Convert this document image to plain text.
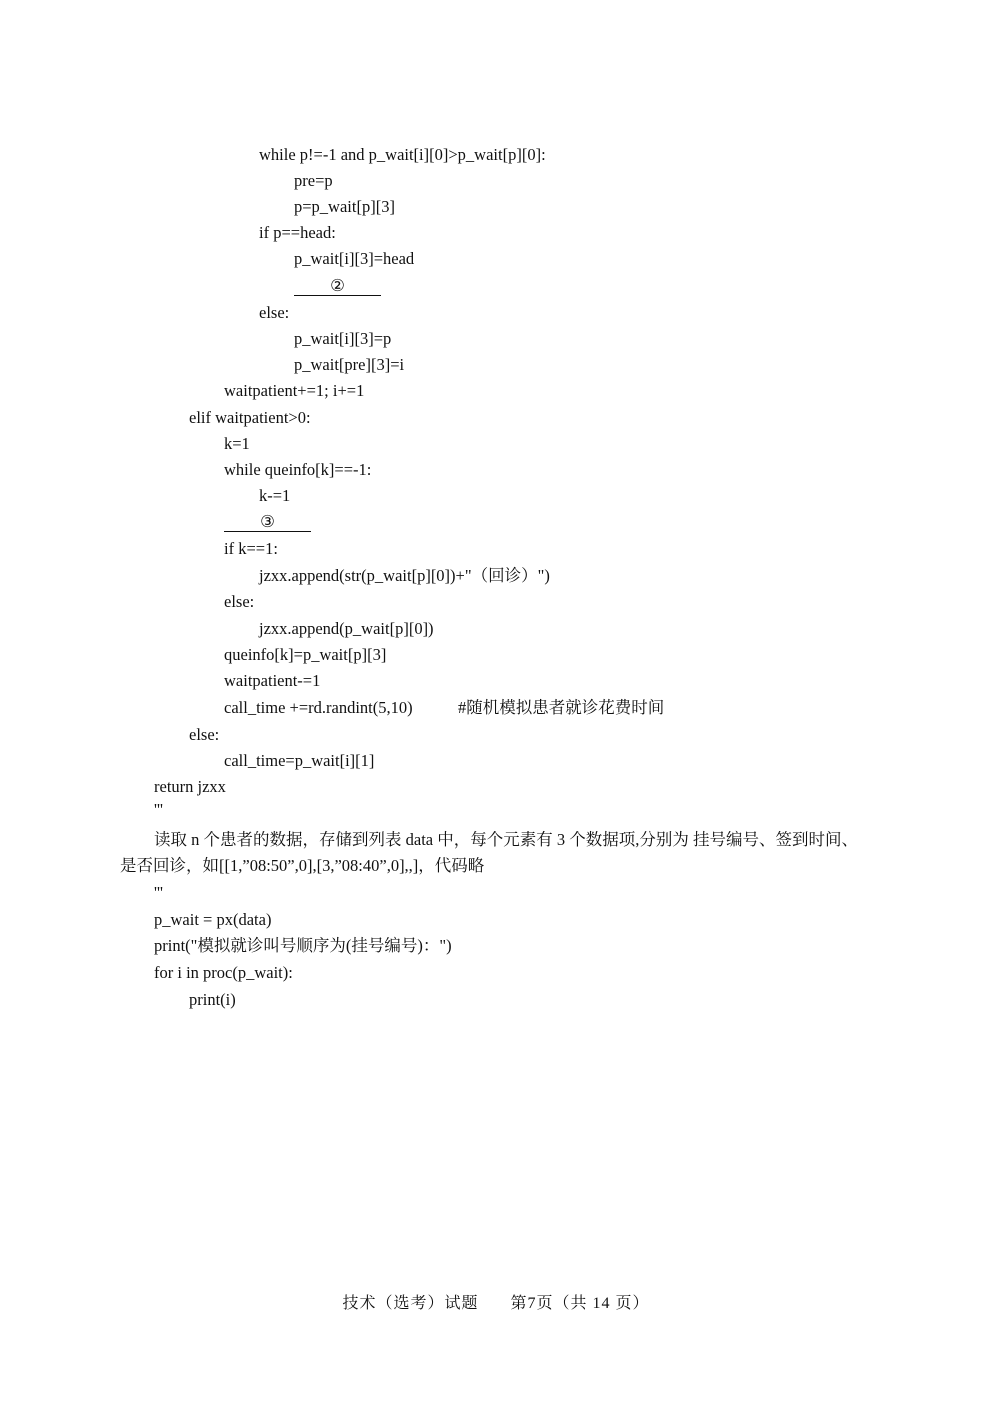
while p!=-1 and p_wait[i][0]>p_wait[p][0]:
pre=p
p=p_wait[p][3]
if p==head:
p_wait[i][3]=head
②
else:
p_wait[i][3]=p
p_wait[pre][3]=i
waitpatient+=1; i+=1
elif waitpatient>0:
k=1
while queinfo[k]==-1:
k-=1
③
if k==1:
jzxx.append(str(p_wait[p][0])+"（回诊）")
else:
jzxx.append(p_wait[p][0])
queinfo[k]=p_wait[p][3]
waitpatient-=1
call_time +=rd.randint(5,10)	#随机模拟患者就诊花费时间
else:
call_time=p_wait[i][1]
return jzxx
'''
读取 n 个患者的数据，存储到列表 data 中，每个元素有 3 个数据项,分别为 挂号编号、签到时间、
是否回诊，如[[1,”08:50”,0],[3,”08:40”,0],,]，代码略
'''
p_wait = px(data)
print("模拟就诊叫号顺序为(挂号编号)：")
for i in proc(p_wait):
print(i)
技术（选考）试题 第7页（共 14 页）
